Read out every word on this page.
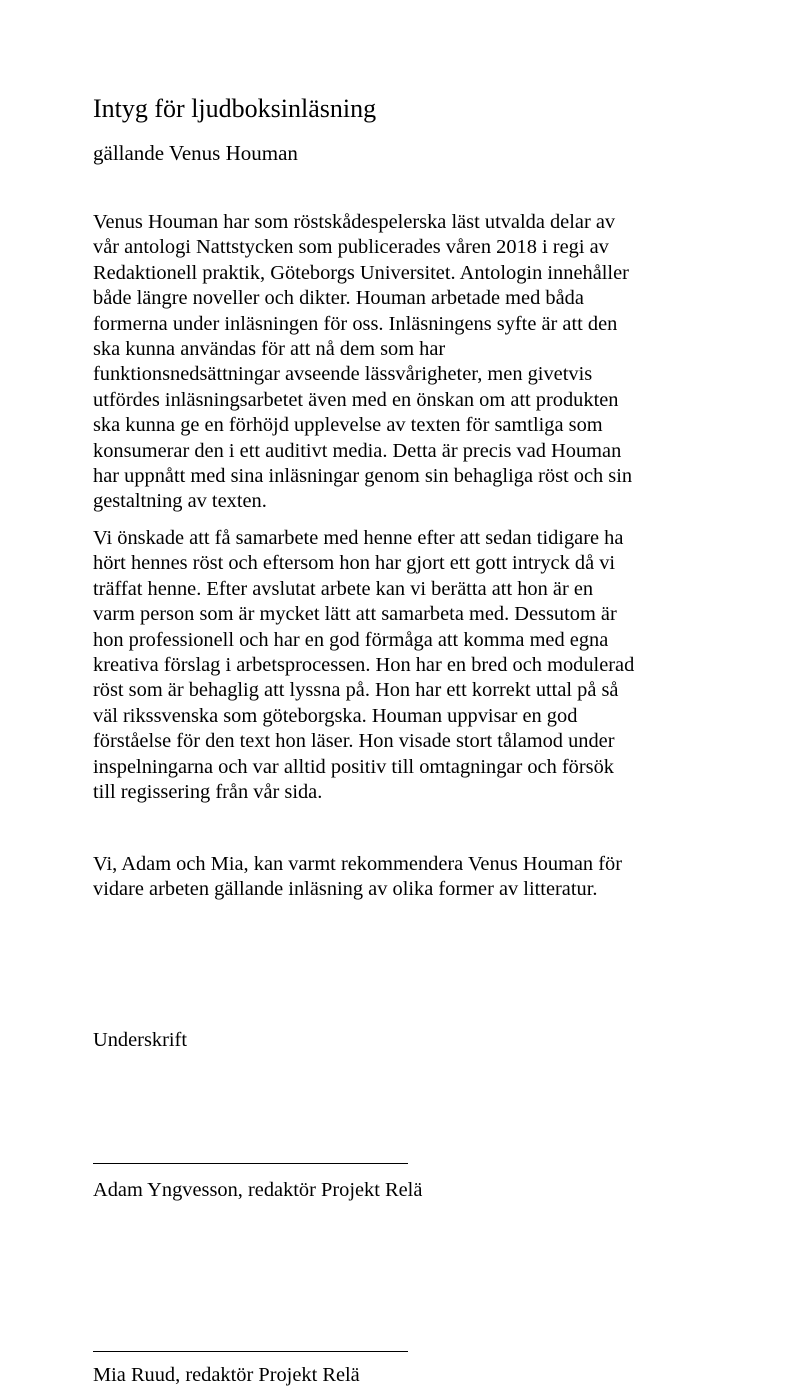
Intyg för ljudboksinläsning

gällande Venus Houman

Venus Houman har som röstskådespelerska läst utvalda delar av
vår antologi Nattstycken som publicerades våren 2018 i regi av
Redaktionell praktik, Göteborgs Universitet. Antologin innehåller
både längre noveller och dikter. Houman arbetade med båda
formerna under inläsningen för oss. Inläsningens syfte är att den
ska kunna användas för att nå dem som har
funktionsnedsättningar avseende lässvårigheter, men givetvis
utfördes inläsningsarbetet även med en önskan om att produkten
ska kunna ge en förhöjd upplevelse av texten för samtliga som
konsumerar den i ett auditivt media. Detta är precis vad Houman
har uppnått med sina inläsningar genom sin behagliga röst och sin
gestaltning av texten.

Vi önskade att få samarbete med henne efter att sedan tidigare ha
hört hennes röst och eftersom hon har gjort ett gott intryck då vi
träffat henne. Efter avslutat arbete kan vi berätta att hon är en
varm person som är mycket lätt att samarbeta med. Dessutom är
hon professionell och har en god förmåga att komma med egna
kreativa förslag i arbetsprocessen. Hon har en bred och modulerad
röst som är behaglig att lyssna på. Hon har ett korrekt uttal på så
väl rikssvenska som göteborgska. Houman uppvisar en god
förståelse för den text hon läser. Hon visade stort tålamod under
inspelningarna och var alltid positiv till omtagningar och försök
till regissering från vår sida.

Vi, Adam och Mia, kan varmt rekommendera Venus Houman för
vidare arbeten gällande inläsning av olika former av litteratur.

Underskrift

Adam Yngvesson, redaktör Projekt Relä

Mia Ruud, redaktör Projekt Relä
